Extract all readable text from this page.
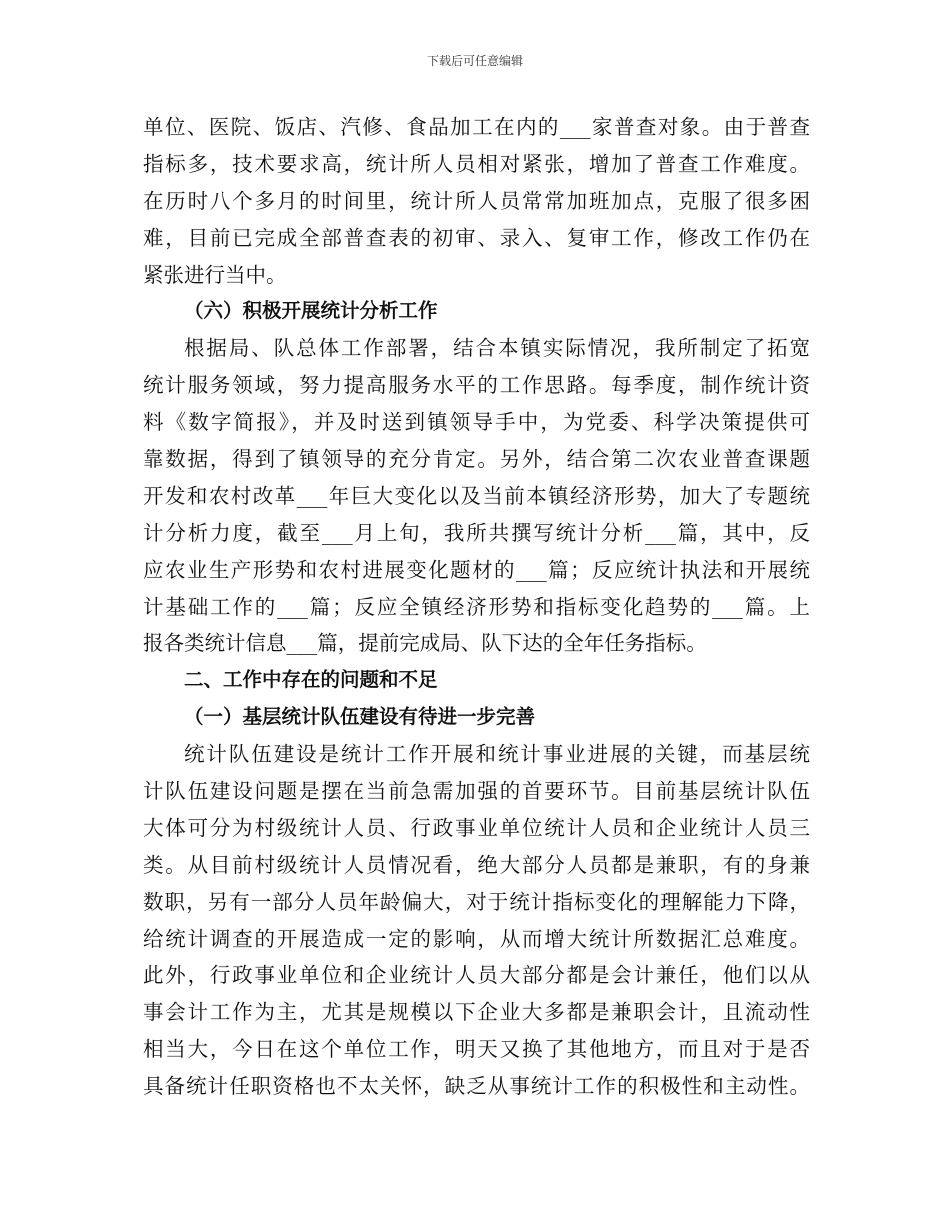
下载后可任意编辑
单位、医院、饭店、汽修、食品加工在内的___家普查对象。由于普查
指标多，技术要求高，统计所人员相对紧张，增加了普查工作难度。
在历时八个多月的时间里，统计所人员常常加班加点，克服了很多困
难，目前已完成全部普查表的初审、录入、复审工作，修改工作仍在
紧张进行当中。
（六）积极开展统计分析工作
根据局、队总体工作部署，结合本镇实际情况，我所制定了拓宽
统计服务领域，努力提高服务水平的工作思路。每季度，制作统计资
料《数字简报》，并及时送到镇领导手中，为党委、科学决策提供可
靠数据，得到了镇领导的充分肯定。另外，结合第二次农业普查课题
开发和农村改革___年巨大变化以及当前本镇经济形势，加大了专题统
计分析力度，截至___月上旬，我所共撰写统计分析___篇，其中，反
应农业生产形势和农村进展变化题材的___篇；反应统计执法和开展统
计基础工作的___篇；反应全镇经济形势和指标变化趋势的___篇。上
报各类统计信息___篇，提前完成局、队下达的全年任务指标。
二、工作中存在的问题和不足
（一）基层统计队伍建设有待进一步完善
统计队伍建设是统计工作开展和统计事业进展的关键，而基层统
计队伍建设问题是摆在当前急需加强的首要环节。目前基层统计队伍
大体可分为村级统计人员、行政事业单位统计人员和企业统计人员三
类。从目前村级统计人员情况看，绝大部分人员都是兼职，有的身兼
数职，另有一部分人员年龄偏大，对于统计指标变化的理解能力下降，
给统计调查的开展造成一定的影响，从而增大统计所数据汇总难度。
此外，行政事业单位和企业统计人员大部分都是会计兼任，他们以从
事会计工作为主，尤其是规模以下企业大多都是兼职会计，且流动性
相当大，今日在这个单位工作，明天又换了其他地方，而且对于是否
具备统计任职资格也不太关怀，缺乏从事统计工作的积极性和主动性。
